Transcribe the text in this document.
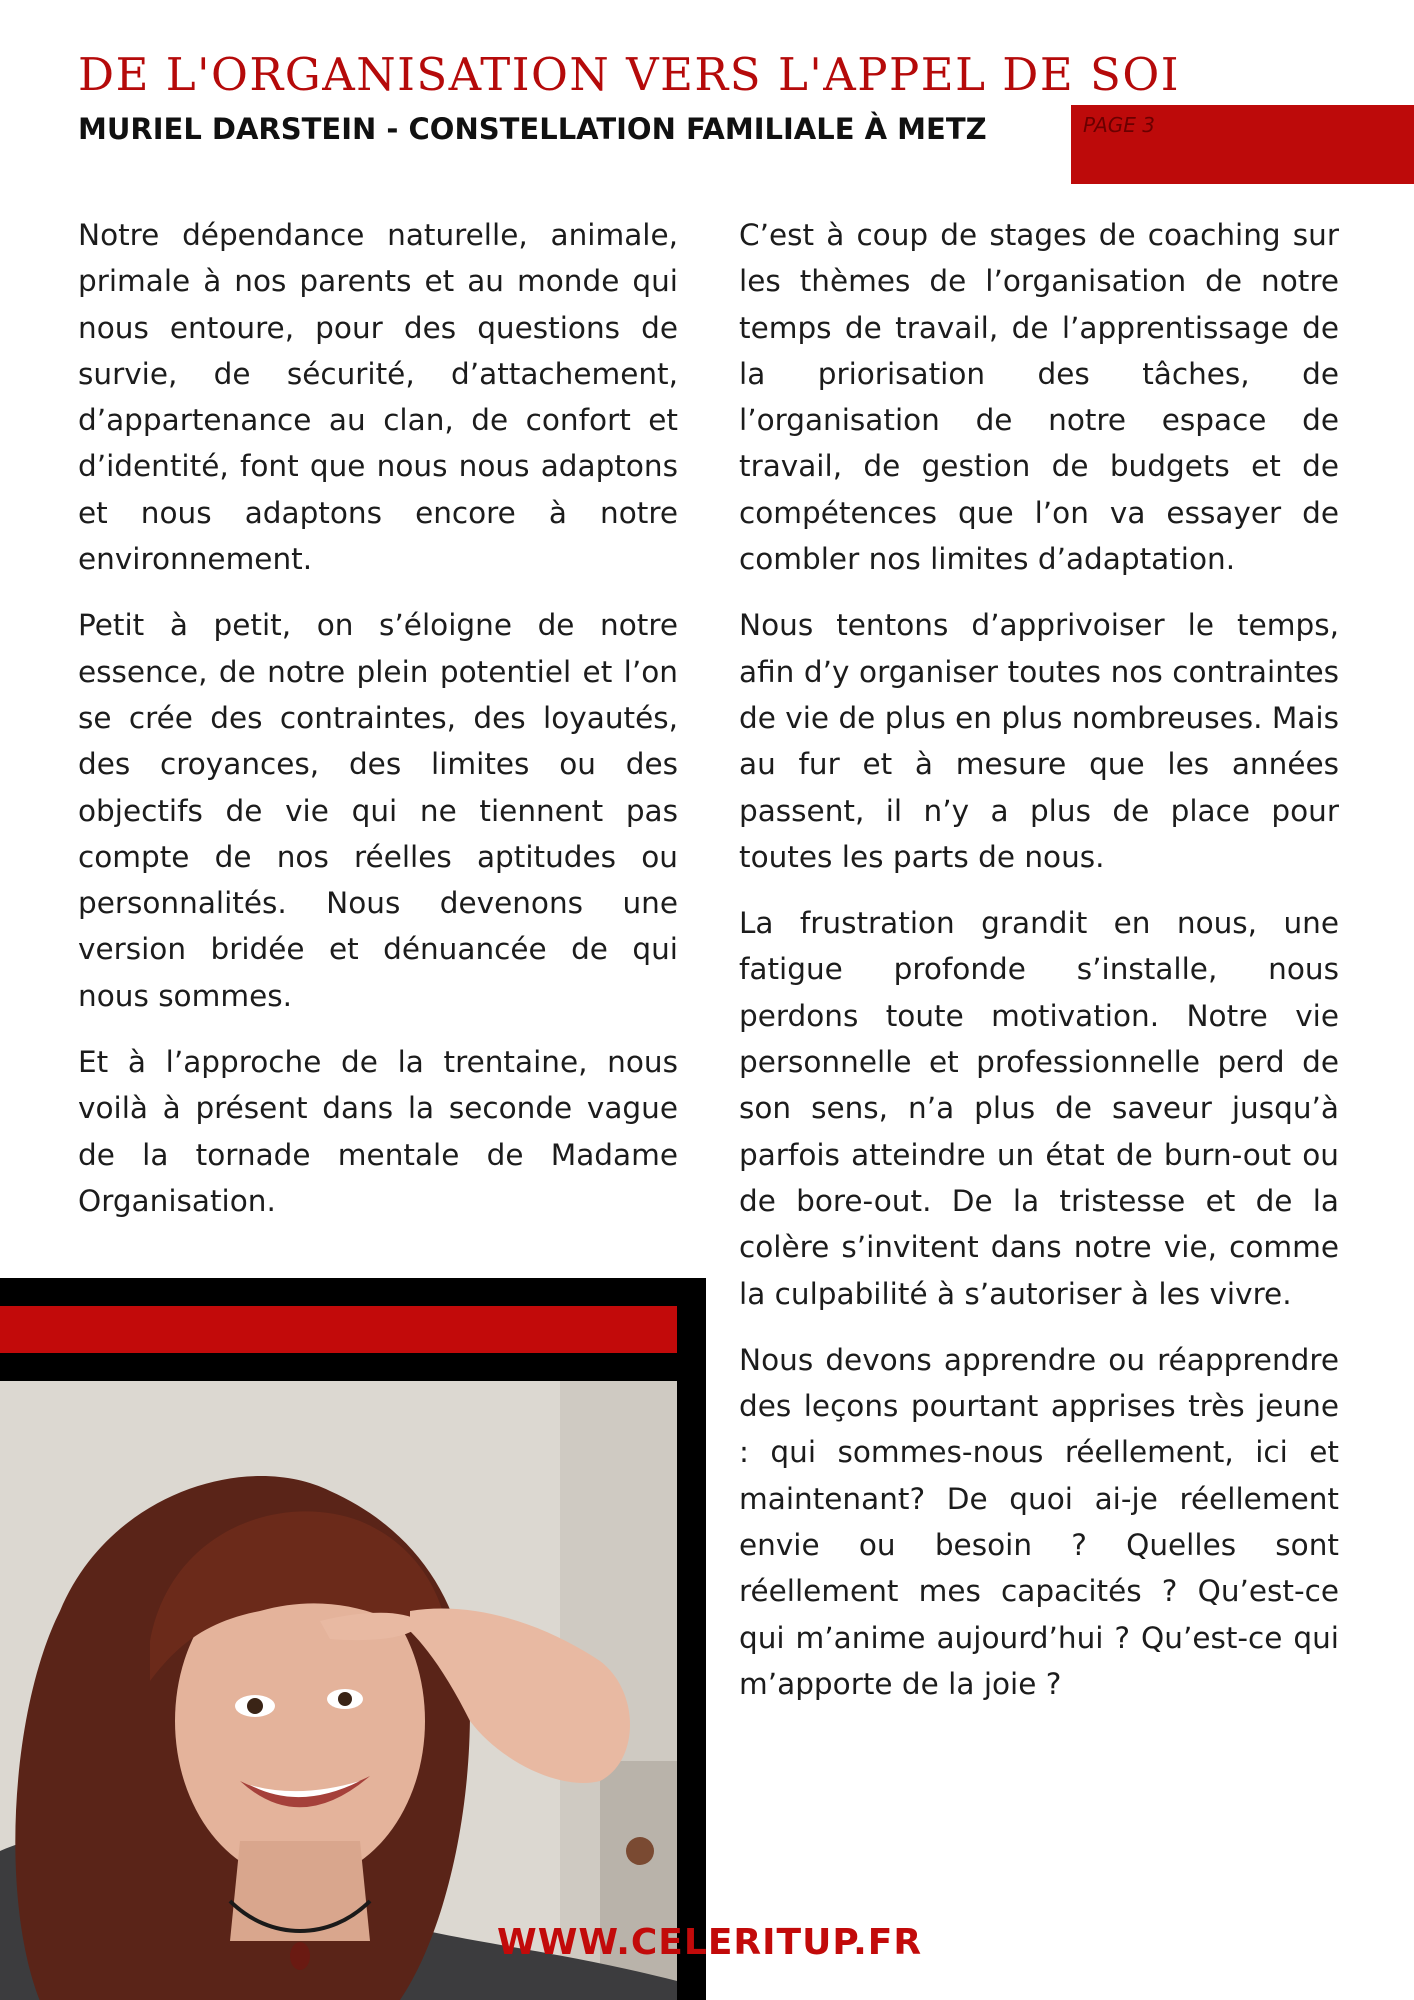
DE L'ORGANISATION VERS L'APPEL DE SOI
MURIEL DARSTEIN - CONSTELLATION FAMILIALE À METZ	PAGE 3

Notre dépendance naturelle, animale, primale à nos parents et au monde qui nous entoure, pour des questions de survie, de sécurité, d’attachement, d’appartenance au clan, de confort et d’identité, font que nous nous adaptons et nous adaptons encore à notre environnement.

Petit à petit, on s’éloigne de notre essence, de notre plein potentiel et l’on se crée des contraintes, des loyautés, des croyances, des limites ou des objectifs de vie qui ne tiennent pas compte de nos réelles aptitudes ou personnalités. Nous devenons une version bridée et dénuancée de qui nous sommes.

Et à l’approche de la trentaine, nous voilà à présent dans la seconde vague de la tornade mentale de Madame Organisation.

C’est à coup de stages de coaching sur les thèmes de l’organisation de notre temps de travail, de l’apprentissage de la priorisation des tâches, de l’organisation de notre espace de travail, de gestion de budgets et de compétences que l’on va essayer de combler nos limites d’adaptation.

Nous tentons d’apprivoiser le temps, afin d’y organiser toutes nos contraintes de vie de plus en plus nombreuses. Mais au fur et à mesure que les années passent, il n’y a plus de place pour toutes les parts de nous.

La frustration grandit en nous, une fatigue profonde s’installe, nous perdons toute motivation. Notre vie personnelle et professionnelle perd de son sens, n’a plus de saveur jusqu’à parfois atteindre un état de burn-out ou de bore-out. De la tristesse et de la colère s’invitent dans notre vie, comme la culpabilité à s’autoriser à les vivre.

Nous devons apprendre ou réapprendre des leçons pourtant apprises très jeune : qui sommes-nous réellement, ici et maintenant? De quoi ai-je réellement envie ou besoin ? Quelles sont réellement mes capacités ? Qu’est-ce qui m’anime aujourd’hui ? Qu’est-ce qui m’apporte de la joie ?

WWW.CELERITUP.FR
